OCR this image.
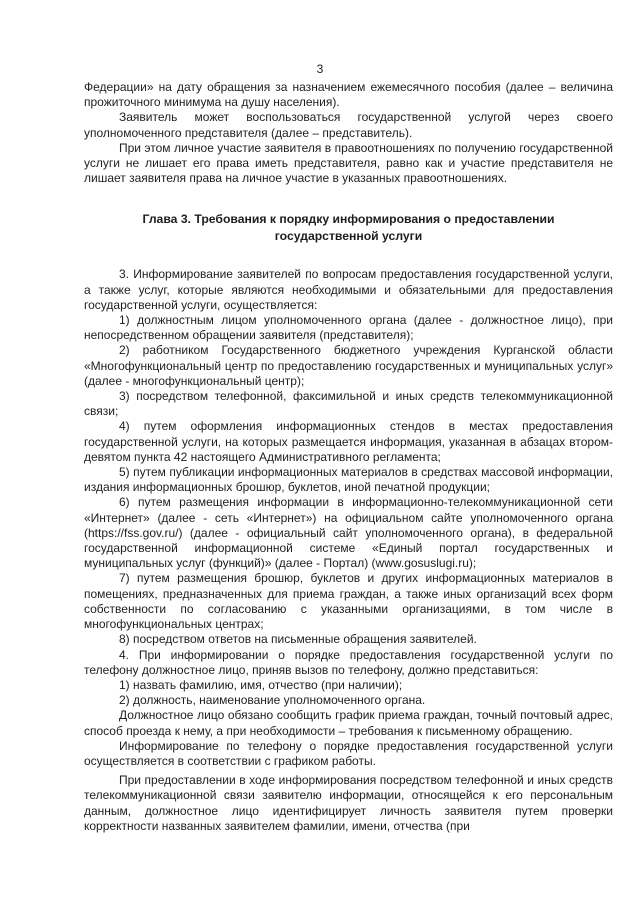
3

Федерации» на дату обращения за назначением ежемесячного пособия (далее – величина прожиточного минимума на душу населения).

Заявитель может воспользоваться государственной услугой через своего уполномоченного представителя (далее – представитель).

При этом личное участие заявителя в правоотношениях по получению государственной услуги не лишает его права иметь представителя, равно как и участие представителя не лишает заявителя права на личное участие в указанных правоотношениях.

Глава 3. Требования к порядку информирования о предоставлении государственной услуги

3. Информирование заявителей по вопросам предоставления государственной услуги, а также услуг, которые являются необходимыми и обязательными для предоставления государственной услуги, осуществляется:

1) должностным лицом уполномоченного органа (далее - должностное лицо), при непосредственном обращении заявителя (представителя);

2) работником Государственного бюджетного учреждения Курганской области «Многофункциональный центр по предоставлению государственных и муниципальных услуг» (далее - многофункциональный центр);

3) посредством телефонной, факсимильной и иных средств телекоммуникационной связи;

4) путем оформления информационных стендов в местах предоставления государственной услуги, на которых размещается информация, указанная в абзацах втором-девятом пункта 42 настоящего Административного регламента;

5) путем публикации информационных материалов в средствах массовой информации, издания информационных брошюр, буклетов, иной печатной продукции;

6) путем размещения информации в информационно-телекоммуникационной сети «Интернет» (далее - сеть «Интернет») на официальном сайте уполномоченного органа (https://fss.gov.ru/) (далее - официальный сайт уполномоченного органа), в федеральной государственной информационной системе «Единый портал государственных и муниципальных услуг (функций)» (далее - Портал) (www.gosuslugi.ru);

7) путем размещения брошюр, буклетов и других информационных материалов в помещениях, предназначенных для приема граждан, а также иных организаций всех форм собственности по согласованию с указанными организациями, в том числе в многофункциональных центрах;

8) посредством ответов на письменные обращения заявителей.

4. При информировании о порядке предоставления государственной услуги по телефону должностное лицо, приняв вызов по телефону, должно представиться:

1) назвать фамилию, имя, отчество (при наличии);

2) должность, наименование уполномоченного органа.

Должностное лицо обязано сообщить график приема граждан, точный почтовый адрес, способ проезда к нему, а при необходимости – требования к письменному обращению.

Информирование по телефону о порядке предоставления государственной услуги осуществляется в соответствии с графиком работы.

При предоставлении в ходе информирования посредством телефонной и иных средств телекоммуникационной связи заявителю информации, относящейся к его персональным данным, должностное лицо идентифицирует личность заявителя путем проверки корректности названных заявителем фамилии, имени, отчества (при
